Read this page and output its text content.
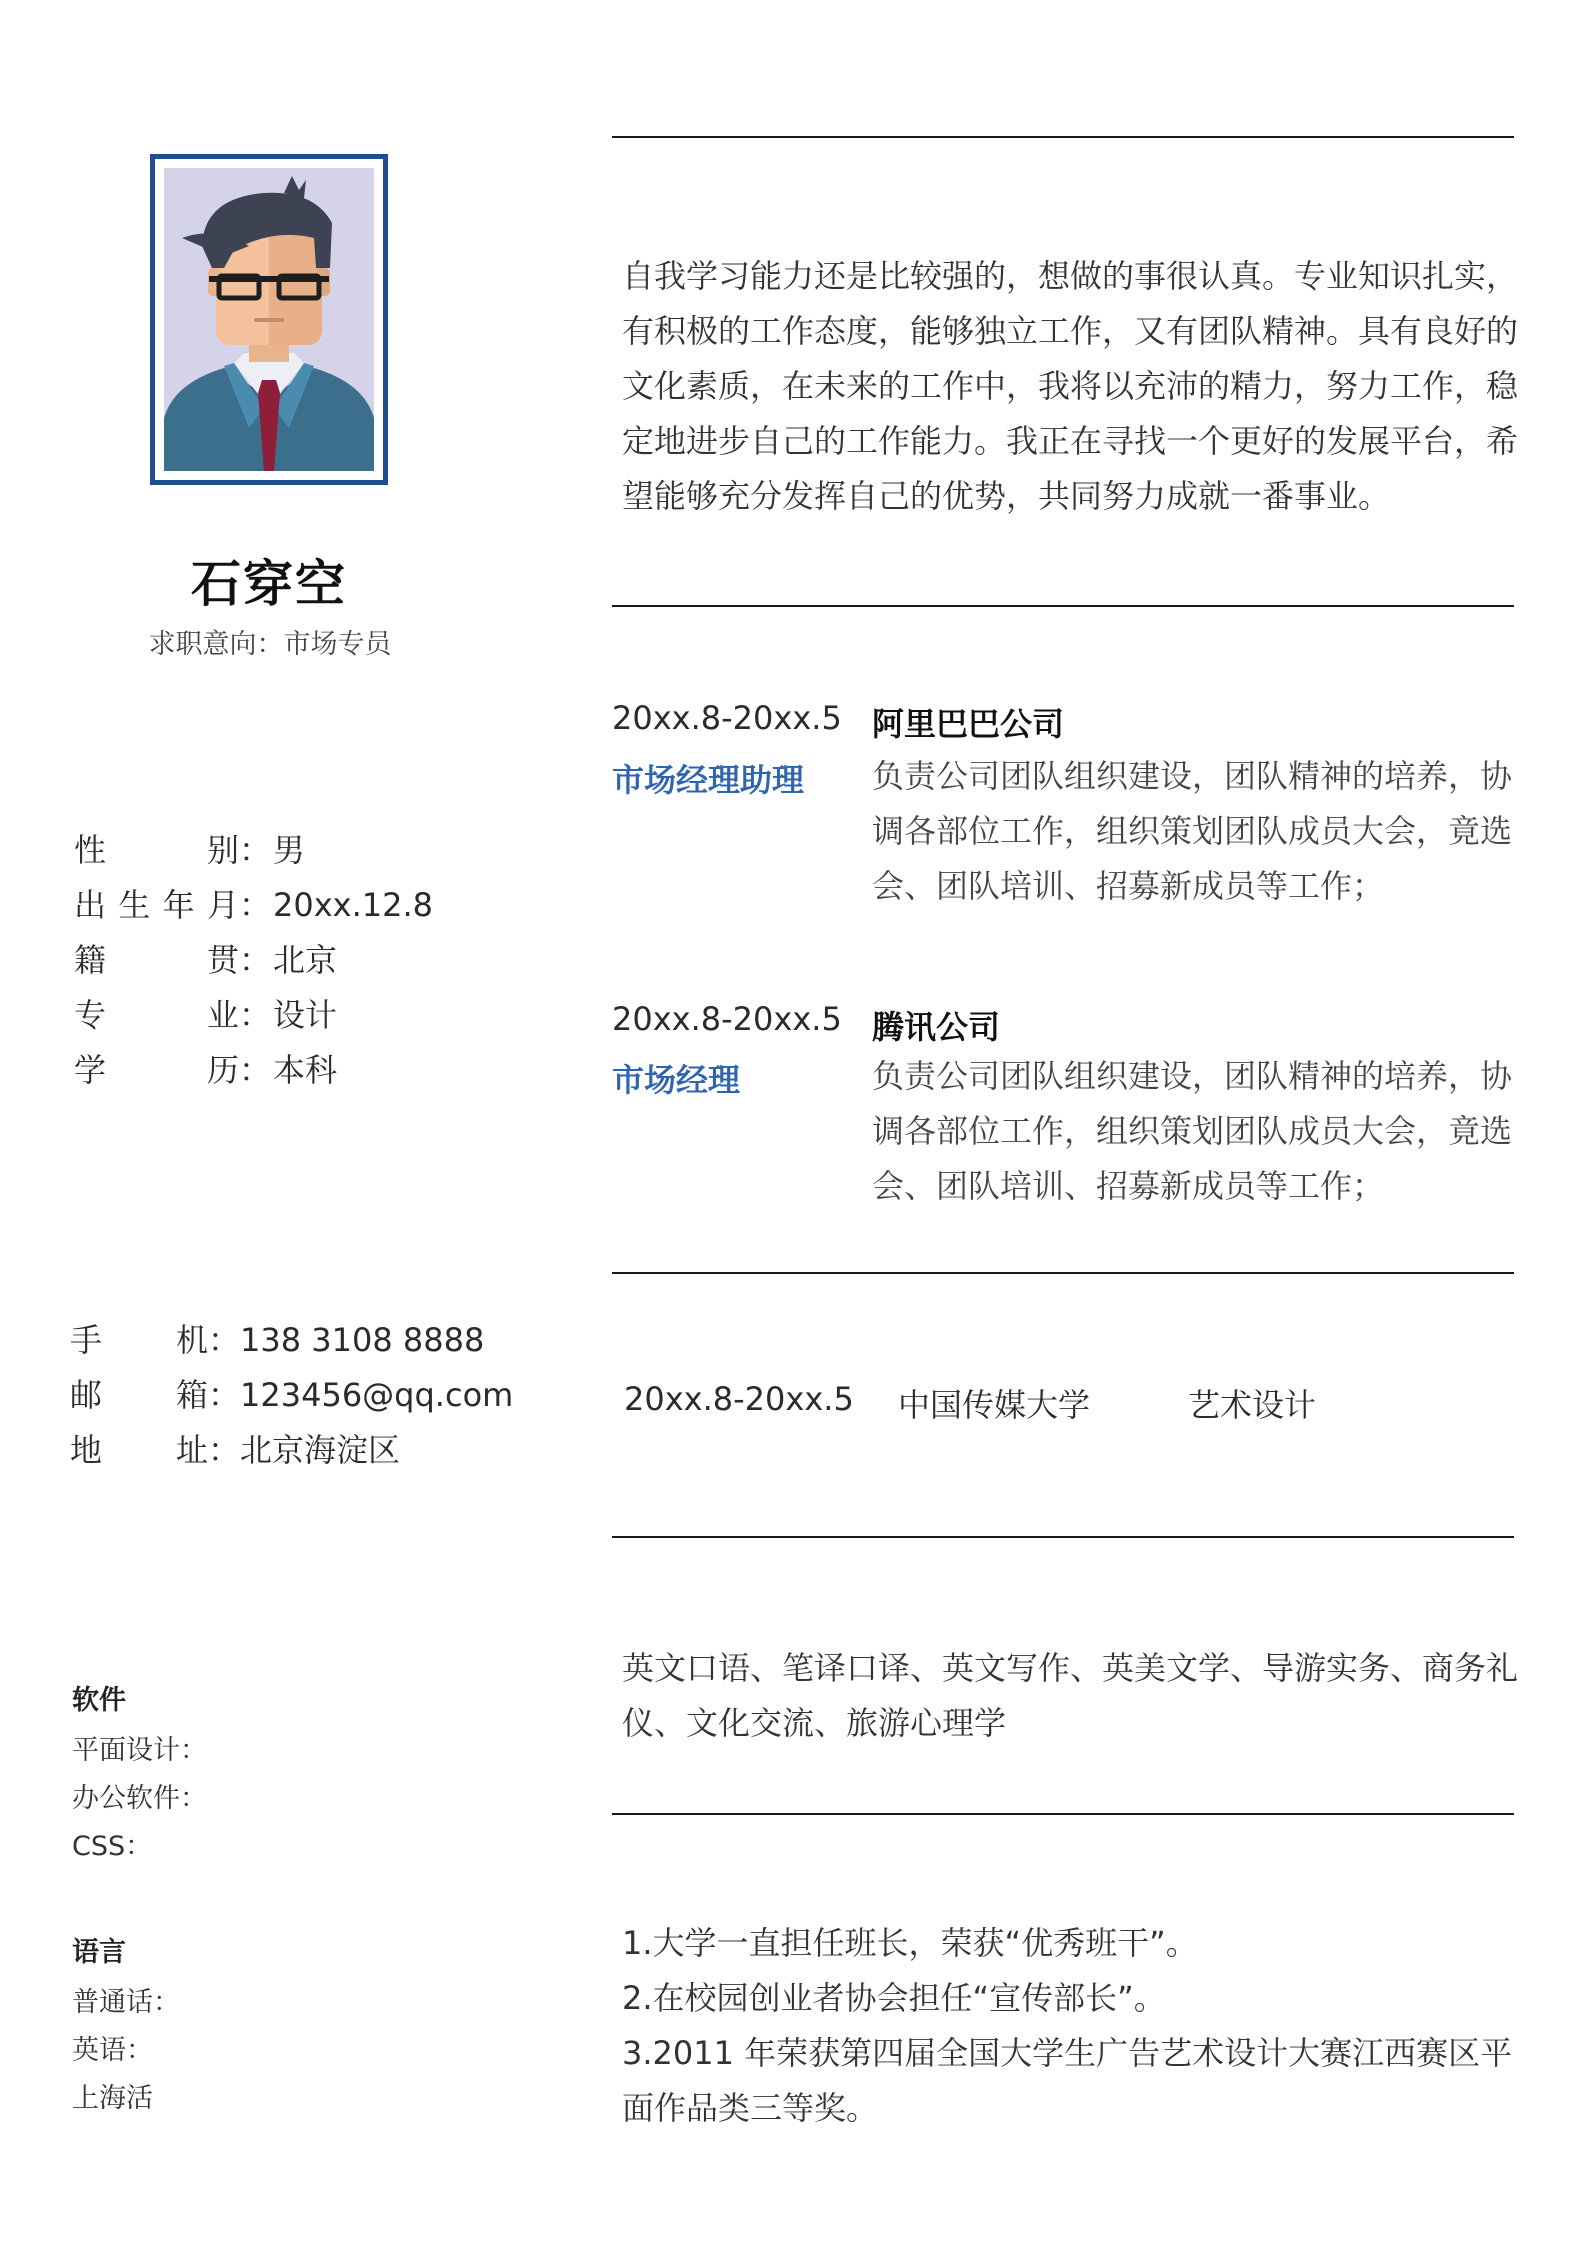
石穿空
求职意向：市场专员
性别：男
出生年月：20xx.12.8
籍贯：北京
专业：设计
学历：本科
手机：138 3108 8888
邮箱：123456@qq.com
地址：北京海淀区
软件
平面设计：
办公软件：
CSS：
语言
普通话：
英语：
上海活
自我学习能力还是比较强的，想做的事很认真。专业知识扎实，有积极的工作态度，能够独立工作，又有团队精神。具有良好的文化素质，在未来的工作中，我将以充沛的精力，努力工作，稳定地进步自己的工作能力。我正在寻找一个更好的发展平台，希望能够充分发挥自己的优势，共同努力成就一番事业。
20xx.8-20xx.5 阿里巴巴公司
市场经理助理 负责公司团队组织建设，团队精神的培养，协调各部位工作，组织策划团队成员大会，竟选会、团队培训、招募新成员等工作；
20xx.8-20xx.5 腾讯公司
市场经理	负责公司团队组织建设，团队精神的培养，协调各部位工作，组织策划团队成员大会，竟选会、团队培训、招募新成员等工作；
20xx.8-20xx.5 中国传媒大学	艺术设计
英文口语、笔译口译、英文写作、英美文学、导游实务、商务礼仪、文化交流、旅游心理学
1.大学一直担任班长，荣获“优秀班干”。
2.在校园创业者协会担任“宣传部长”。
3.2011 年荣获第四届全国大学生广告艺术设计大赛江西赛区平面作品类三等奖。
